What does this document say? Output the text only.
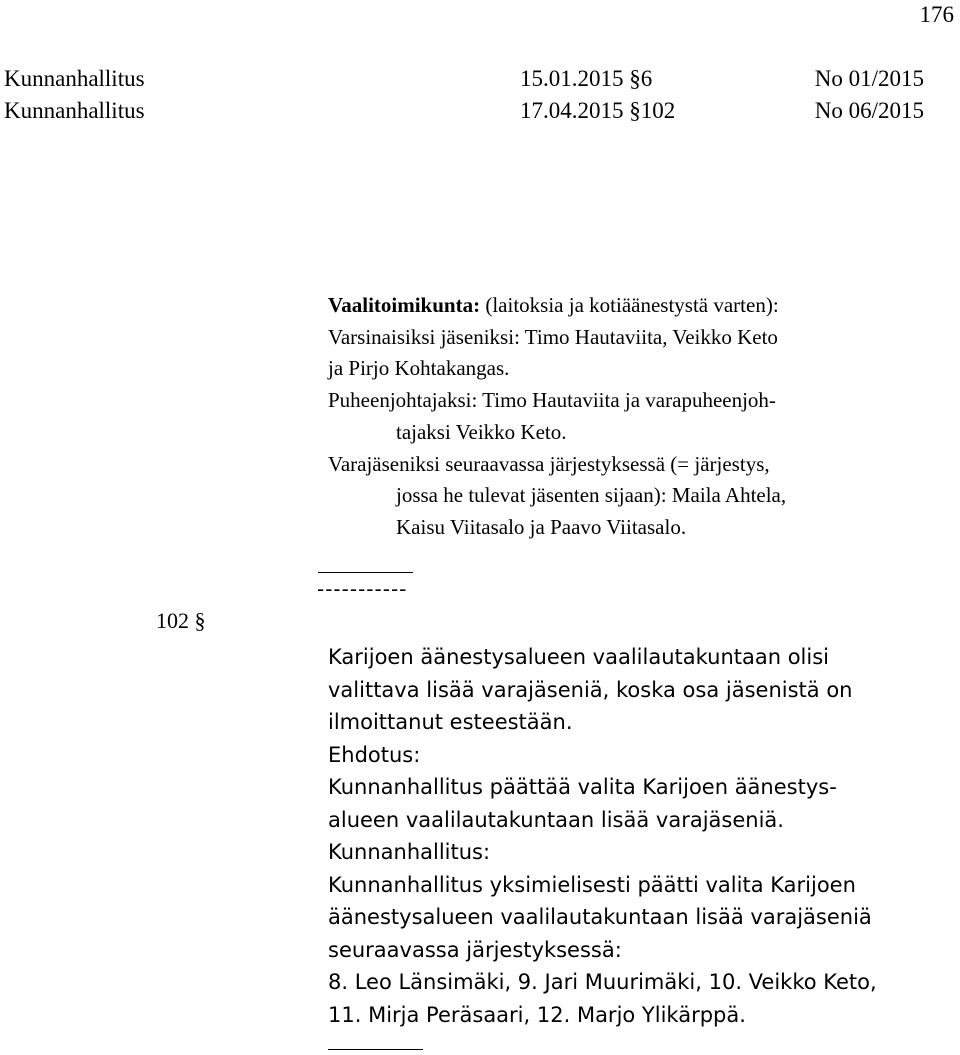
176
Kunnanhallitus	15.01.2015 §6	No 01/2015
Kunnanhallitus	17.04.2015 §102	No 06/2015
Vaalitoimikunta: (laitoksia ja kotiäänestystä varten):
Varsinaisiksi jäseniksi: Timo Hautaviita, Veikko Keto
ja Pirjo Kohtakangas.
Puheenjohtajaksi: Timo Hautaviita ja varapuheenjoh-
tajaksi Veikko Keto.
Varajäseniksi seuraavassa järjestyksessä (= järjestys,
jossa he tulevat jäsenten sijaan): Maila Ahtela,
Kaisu Viitasalo ja Paavo Viitasalo.
-----------
102 §
Karijoen äänestysalueen vaalilautakuntaan olisi
valittava lisää varajäseniä, koska osa jäsenistä on
ilmoittanut esteestään.
Ehdotus:
Kunnanhallitus päättää valita Karijoen äänestys-
alueen vaalilautakuntaan lisää varajäseniä.
Kunnanhallitus:
Kunnanhallitus yksimielisesti päätti valita Karijoen
äänestysalueen vaalilautakuntaan lisää varajäseniä
seuraavassa järjestyksessä:
8. Leo Länsimäki, 9. Jari Muurimäki, 10. Veikko Keto,
11. Mirja Peräsaari, 12. Marjo Ylikärppä.
